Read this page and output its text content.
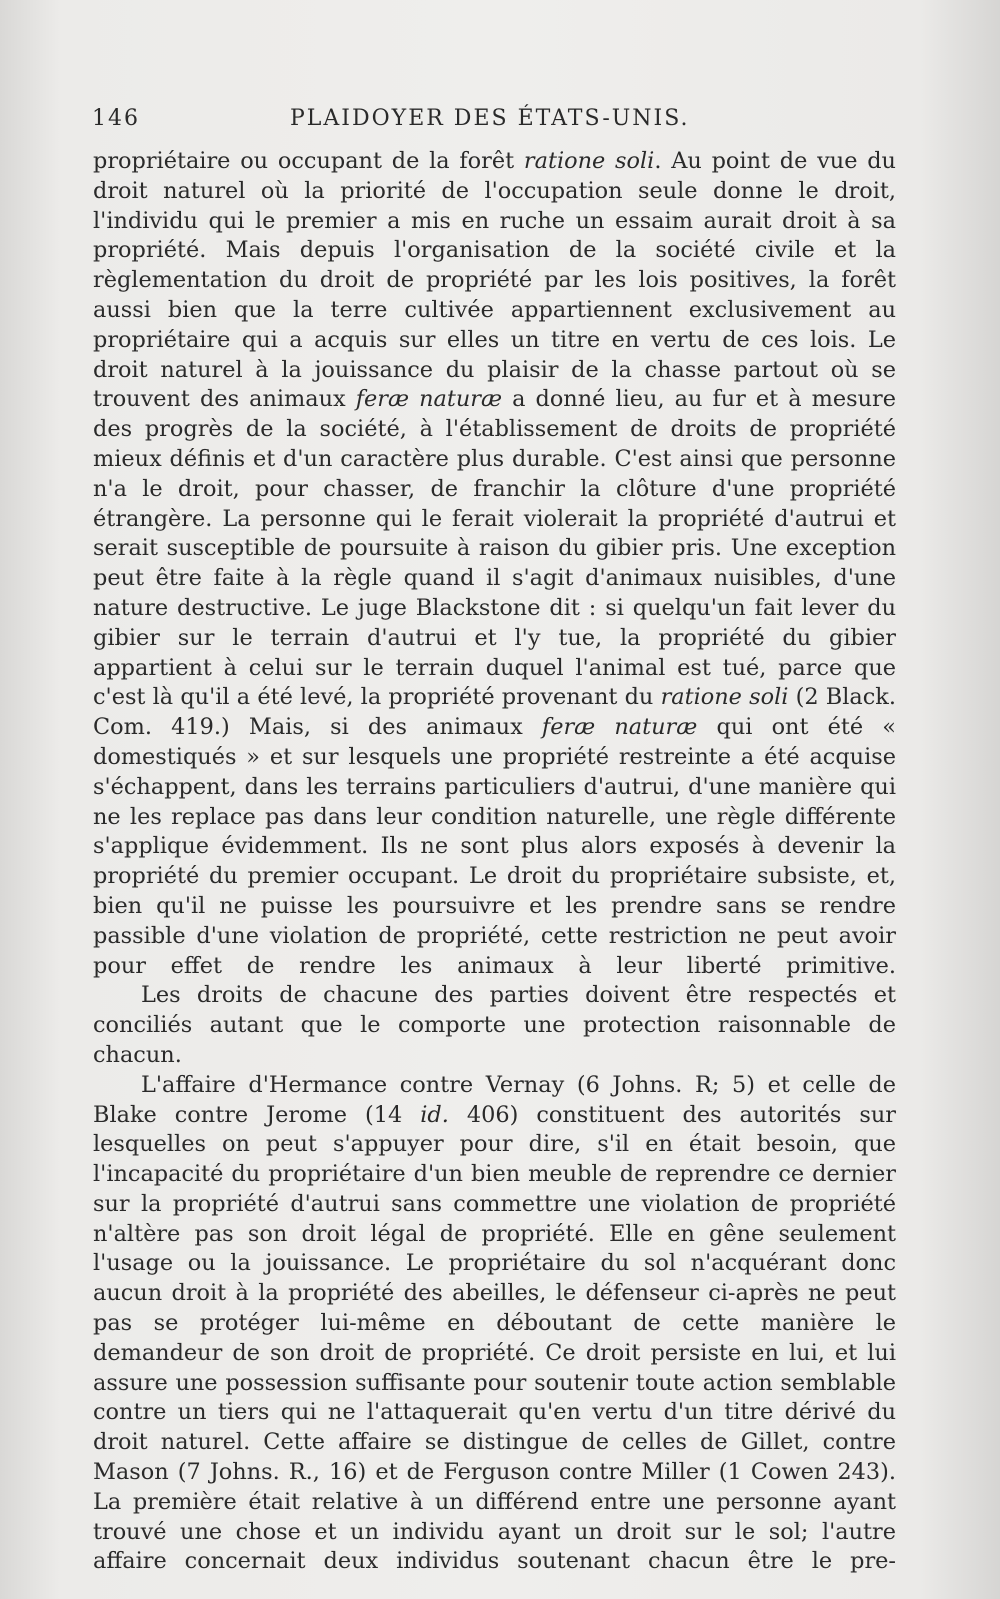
146	PLAIDOYER DES ÉTATS-UNIS.

propriétaire ou occupant de la forêt ratione soli. Au point de vue du droit naturel où la priorité de l'occupation seule donne le droit, l'individu qui le premier a mis en ruche un essaim aurait droit à sa propriété. Mais depuis l'organisation de la société civile et la règlementation du droit de propriété par les lois positives, la forêt aussi bien que la terre cultivée appartiennent exclusivement au propriétaire qui a acquis sur elles un titre en vertu de ces lois. Le droit naturel à la jouissance du plaisir de la chasse partout où se trouvent des animaux feræ naturæ a donné lieu, au fur et à mesure des progrès de la société, à l'établissement de droits de propriété mieux définis et d'un caractère plus durable. C'est ainsi que personne n'a le droit, pour chasser, de franchir la clôture d'une propriété étrangère. La personne qui le ferait violerait la propriété d'autrui et serait susceptible de poursuite à raison du gibier pris. Une exception peut être faite à la règle quand il s'agit d'animaux nuisibles, d'une nature destructive. Le juge Blackstone dit : si quelqu'un fait lever du gibier sur le terrain d'autrui et l'y tue, la propriété du gibier appartient à celui sur le terrain duquel l'animal est tué, parce que c'est là qu'il a été levé, la propriété provenant du ratione soli (2 Black. Com. 419.) Mais, si des animaux feræ naturæ qui ont été « domestiqués » et sur lesquels une propriété restreinte a été acquise s'échappent, dans les terrains particuliers d'autrui, d'une manière qui ne les replace pas dans leur condition naturelle, une règle différente s'applique évidemment. Ils ne sont plus alors exposés à devenir la propriété du premier occupant. Le droit du propriétaire subsiste, et, bien qu'il ne puisse les poursuivre et les prendre sans se rendre passible d'une violation de propriété, cette restriction ne peut avoir pour effet de rendre les animaux à leur liberté primitive.

Les droits de chacune des parties doivent être respectés et conciliés autant que le comporte une protection raisonnable de chacun.

L'affaire d'Hermance contre Vernay (6 Johns. R; 5) et celle de Blake contre Jerome (14 id. 406) constituent des autorités sur lesquelles on peut s'appuyer pour dire, s'il en était besoin, que l'incapacité du propriétaire d'un bien meuble de reprendre ce dernier sur la propriété d'autrui sans commettre une violation de propriété n'altère pas son droit légal de propriété. Elle en gêne seulement l'usage ou la jouissance. Le propriétaire du sol n'acquérant donc aucun droit à la propriété des abeilles, le défenseur ci-après ne peut pas se protéger lui-même en déboutant de cette manière le demandeur de son droit de propriété. Ce droit persiste en lui, et lui assure une possession suffisante pour soutenir toute action semblable contre un tiers qui ne l'attaquerait qu'en vertu d'un titre dérivé du droit naturel. Cette affaire se distingue de celles de Gillet, contre Mason (7 Johns. R., 16) et de Ferguson contre Miller (1 Cowen 243). La première était relative à un différend entre une personne ayant trouvé une chose et un individu ayant un droit sur le sol; l'autre affaire concernait deux individus soutenant chacun être le pre-
